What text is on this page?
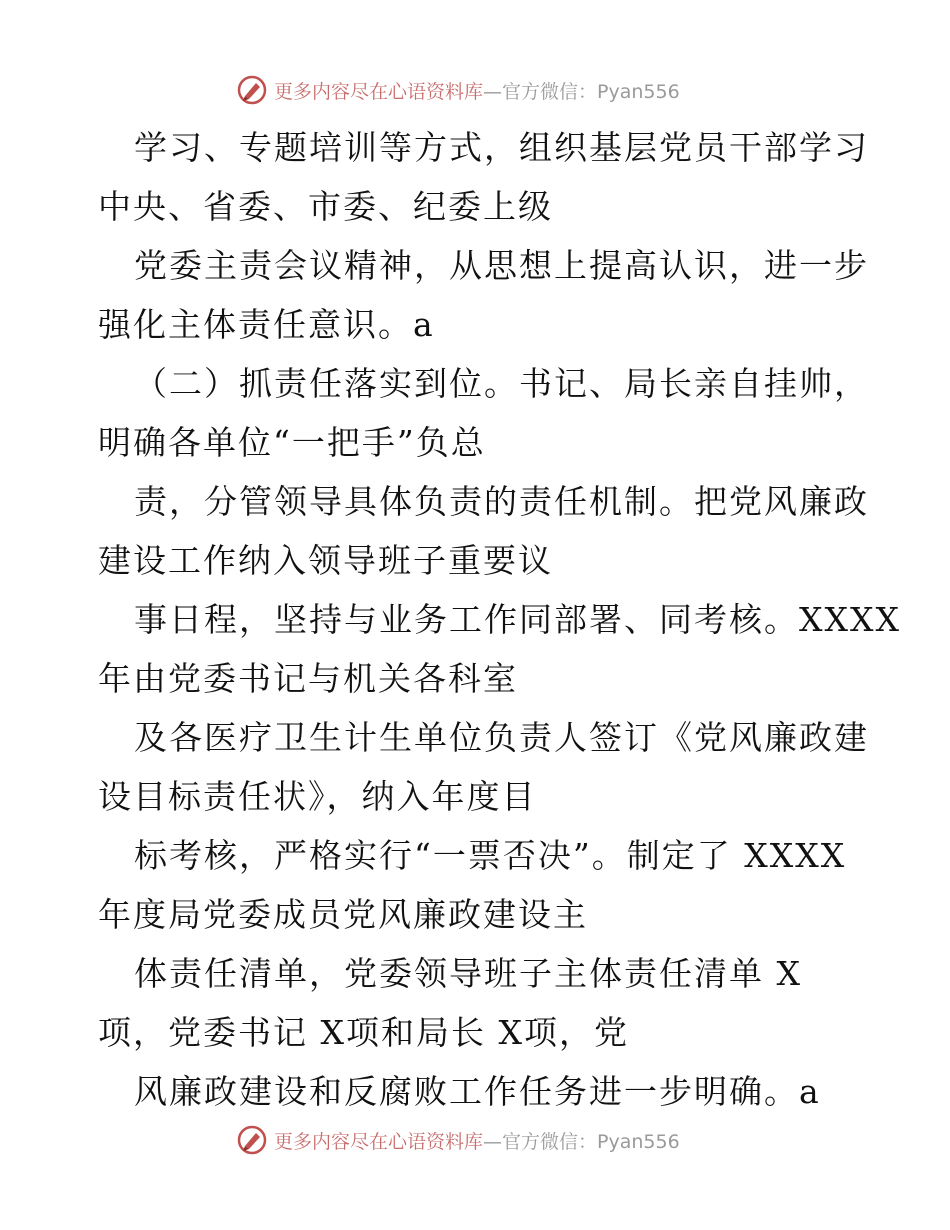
更多内容尽在心语资料库—官方微信：Pyan556
学习、专题培训等方式，组织基层党员干部学习
中央、省委、市委、纪委上级
党委主责会议精神，从思想上提高认识，进一步
强化主体责任意识。a
（二）抓责任落实到位。书记、局长亲自挂帅，
明确各单位“一把手”负总
责，分管领导具体负责的责任机制。把党风廉政
建设工作纳入领导班子重要议
事日程，坚持与业务工作同部署、同考核。XXXX
年由党委书记与机关各科室
及各医疗卫生计生单位负责人签订《党风廉政建
设目标责任状》，纳入年度目
标考核，严格实行“一票否决”。制定了 XXXX
年度局党委成员党风廉政建设主
体责任清单，党委领导班子主体责任清单 X
项，党委书记 X项和局长 X项，党
风廉政建设和反腐败工作任务进一步明确。a
更多内容尽在心语资料库—官方微信：Pyan556
